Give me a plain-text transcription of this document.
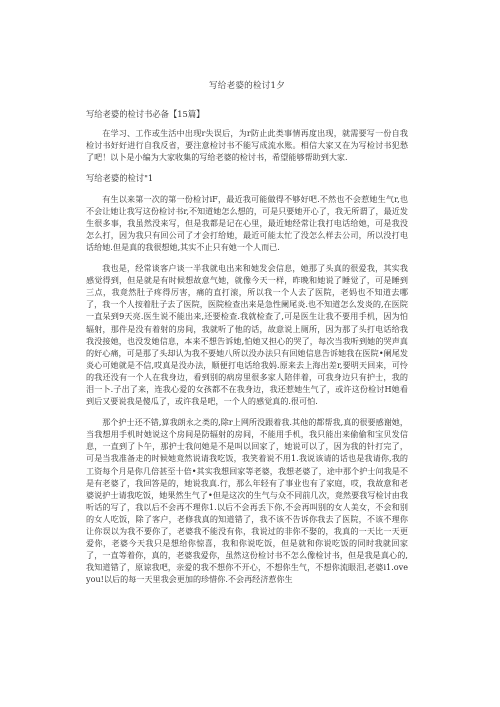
写给老婆的检讨1夕
写给老婆的检讨书必备【15篇】

在学习、工作或生活中出现r失误后，为r防止此类事情再度出现，就需要写一份自我检讨书好好进行自我反省，要注意检讨书不能写成流水账。相信大家又在为写检讨书犯愁了吧！以卜是小编为大家收集的写给老婆的检讨书，希望能够帮助到大家.

写给老婆的检讨"1

有生以来第一次的第一份检讨iF，最近我可能做得不够好吧.不然也不会惹她生气r,也不会让她让我写这份检讨书r,不知道她怎么想的，可是只要她开心了，我无所谓了，最近发生很多事，我虽然没来写，但是我都是记在心里，最近她经常让我打电话给她，可是我没怎么打，因为我只有回公司了才会打给她，最近可能太忙了没怎么样去公司，所以没打电话给她.但是真的我很想她,其实不止只有她一个人而已.

我也是，经常谈客户谈一半我就电出来和她发会信息，她那了头真的很爱我，其实我感觉得到，但是就是有时候想故意气她，就像今天一样，昨晚和她说了睡觉了，可是睡到三点，我竟然肚子疼得厉害，痛的直打滚，所以我一个人去了医院，老妈也不知道去哪了，我一个人按着肚子去了医院，医院检查出来是急性阑尾炎.也不知道怎么发炎的,在医院一直呆到9天亮.医生说不能出来,还要检查.我就检查了,可是医生让我不要用手机，因为怕辐射，那件是没有着射的房间，我就听了他的话，故意说上厕所，因为那了头打电话给我我没接她，也没发她信息，本来不想告诉她,怕她又担心的哭了，每次当我听到她的哭声真的好心痛，可是那了头却认为我不要她八所以没办法只有回她信息告诉她我在医院•阑尾发炎心可她就是不信,哎真是没办法，顺便打电话给我妈.原来去上海出差r,要明天回来，可怜的我还没有一个人在我身边，看到别的病房里很多家人陪伴着，可我身边只有护士，我的泪一卜.子出了来，连我心爱的女孩都不在我身边，我还惹她生气了，或许这份检讨H她看到后又要说我是傻瓜了，或许我是吧，一个人的感觉真的.很可怕.

那个护士还不错,算我朗永之类的,除r上网所没跟着我.其他的都帮我,真的很要感谢她，当我想用手机时她说这个房间是防辐射的房间，不能用手机，我只能出来偷偷和宝贝发信息，一直到了卜午，那护士我问她是不是叫以回家了，她说可以了，因为我的针打完了，可是当我准备走的时候她竟然说请我吃饭，我笑着说不用1.我说该请的话也是我请你,我的工资每个月是你几倍甚至十倍•其实我想回家等老婆，我想老婆了，途中那个护士问我是不是有老婆了，我回答是的，她说我真.行，那么年轻有了事业也有了家庭，哎，我故意和老婆说护士请我吃饭，她果然生气了•但是这次的生气与众不同前几次，竟然要我写检讨由我听话的写了，我以后不会再不理你1.以后不会再丢下你,不会再叫别的女人美女，不会和别的女人吃饭，除了客户，老修我真的知道错了，我不该不告诉你我去了医院，不该不理你让你误以为我不要你了，老婆我不能没有你，我说过的非你不娶的，我真的一天比一天更爱你，老婆今天我只是想给你惊喜，我和你说吃饭，但是就和你说吃饭的同时我就回家了，一直等着你，真的，老婆我爱你，虽然这份检讨书不怎么像检讨书，但是我是真心的,我知道错了，原谅我吧，亲爱的我不想你不开心，不想你生气，不想你流眼泪,老婆i1.oveyou!以后的每一天里我会更加的珍惜你.不会再经济惹你生
